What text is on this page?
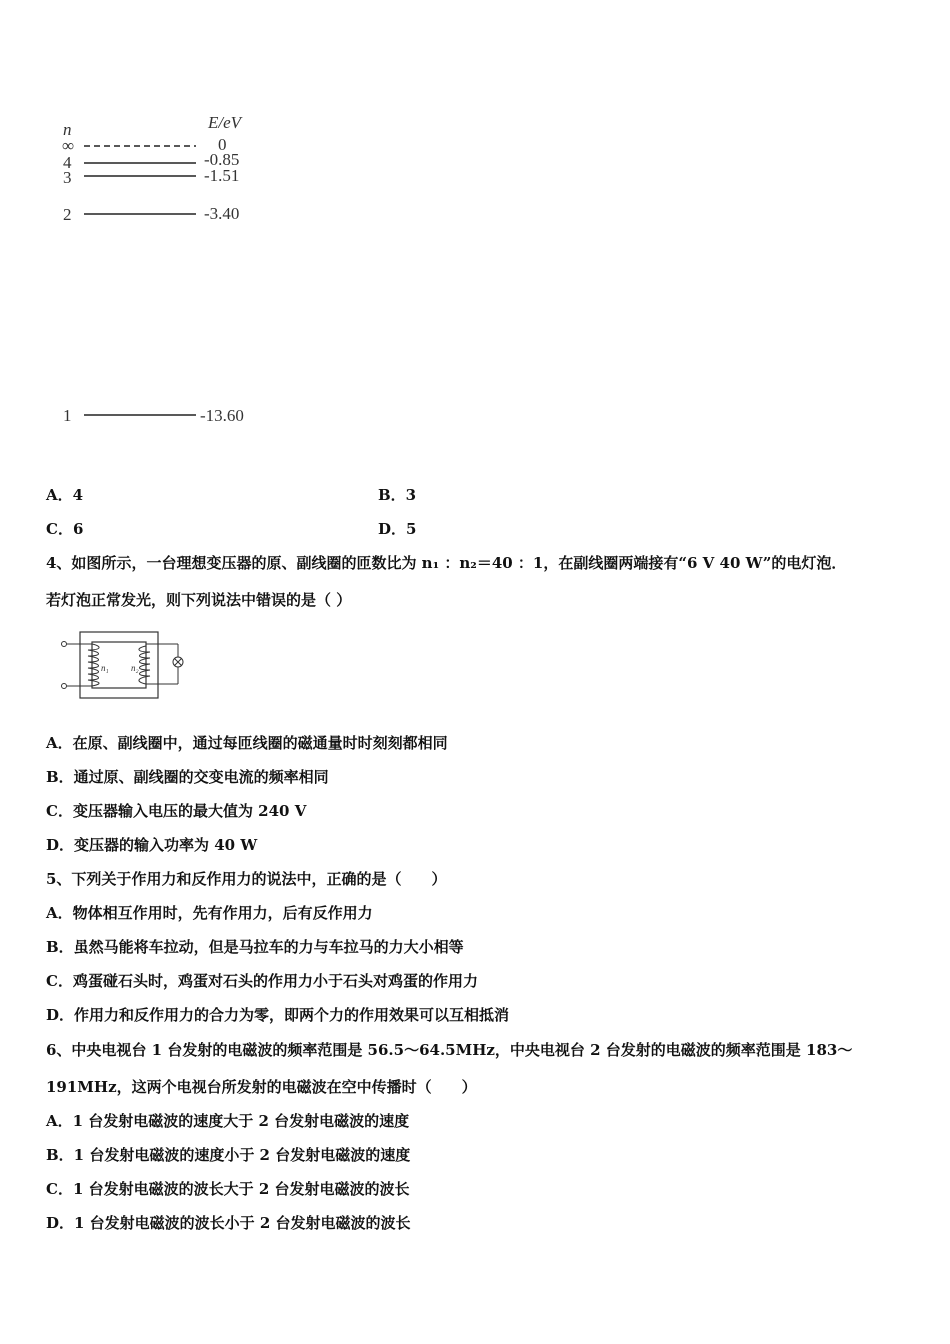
n	E/eV
∞	0
4	-0.85
3	-1.51
2	-3.40
1	-13.60
A．4	B．3
C．6	D．5
4、如图所示，一台理想变压器的原、副线圈的匝数比为 n₁ ：n₂＝40 ：1，在副线圈两端接有“6 V 40 W”的电灯泡．
若灯泡正常发光，则下列说法中错误的是（ ）
n₁ n₂
A．在原、副线圈中，通过每匝线圈的磁通量时时刻刻都相同
B．通过原、副线圈的交变电流的频率相同
C．变压器输入电压的最大值为 240 V
D．变压器的输入功率为 40 W
5、下列关于作用力和反作用力的说法中，正确的是（　　）
A．物体相互作用时，先有作用力，后有反作用力
B．虽然马能将车拉动，但是马拉车的力与车拉马的力大小相等
C．鸡蛋碰石头时，鸡蛋对石头的作用力小于石头对鸡蛋的作用力
D．作用力和反作用力的合力为零，即两个力的作用效果可以互相抵消
6、中央电视台 1 台发射的电磁波的频率范围是 56.5～64.5MHz，中央电视台 2 台发射的电磁波的频率范围是 183～
191MHz，这两个电视台所发射的电磁波在空中传播时（　　）
A．1 台发射电磁波的速度大于 2 台发射电磁波的速度
B．1 台发射电磁波的速度小于 2 台发射电磁波的速度
C．1 台发射电磁波的波长大于 2 台发射电磁波的波长
D．1 台发射电磁波的波长小于 2 台发射电磁波的波长
